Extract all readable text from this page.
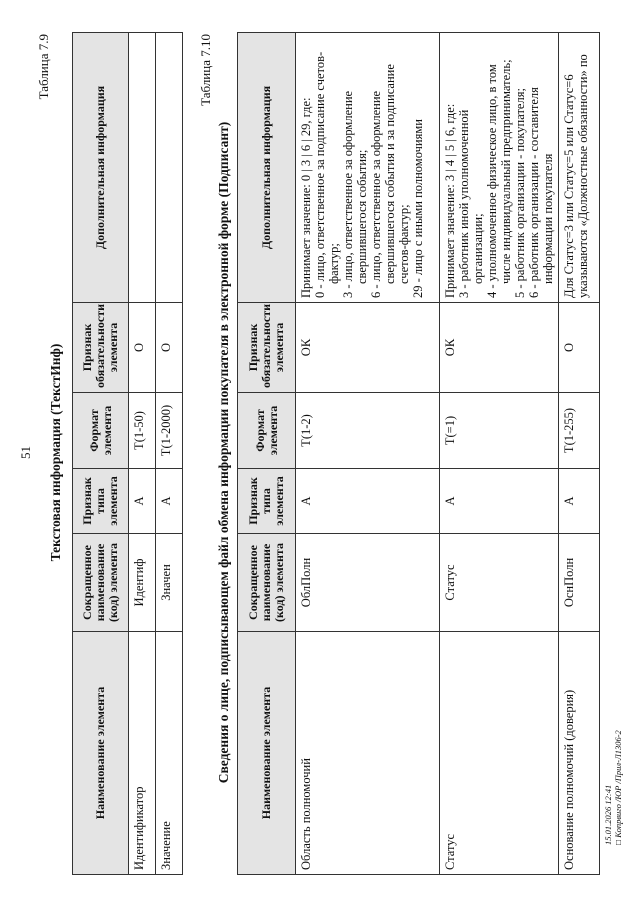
51
Таблица 7.9
Текстовая информация (ТекстИнф)
Наименование элемента	Сокращенное наименование (код) элемента	Признак типа элемента	Формат элемента	Признак обязательности элемента	Дополнительная информация
Идентификатор	Идентиф	А	Т(1-50)	О	
Значение	Значен	А	Т(1-2000)	О	
Таблица 7.10
Сведения о лице, подписывающем файл обмена информации покупателя в электронной форме (Подписант) Наименование элемента	Сокращенное наименование (код) элемента	Признак типа элемента	Формат элемента	Признак обязательности элемента	Дополнительная информация
Область полномочий	ОблПолн	А	Т(1-2)	ОК	Принимает значение: 0 | 3 | 6 | 29, где: 0 - лицо, ответственное за подписание счетов-фактур; 3 - лицо, ответственное за оформление свершившегося события; 6 - лицо, ответственное за оформление свершившегося события и за подписание счетов-фактур; 29 - лицо с иными полномочиями

Статус	Статус	А	Т(=1)	ОК	Принимает значение: 3 | 4 | 5 | 6, где: 3 - работник иной уполномоченной организации; 4 - уполномоченное физическое лицо, в том числе индивидуальный предприниматель; 5 - работник организации - покупателя; 6 - работник организации - составителя информации покупателя

Основание полномочий (доверия)	ОснПолн	А	Т(1-255)	О	Для Статус=3 или Статус=5 или Статус=6 указываются «Должностные обязанности» по
15.01.2026 12:41 □ Копрвиго /ЮР /Прил-Л1306-2
